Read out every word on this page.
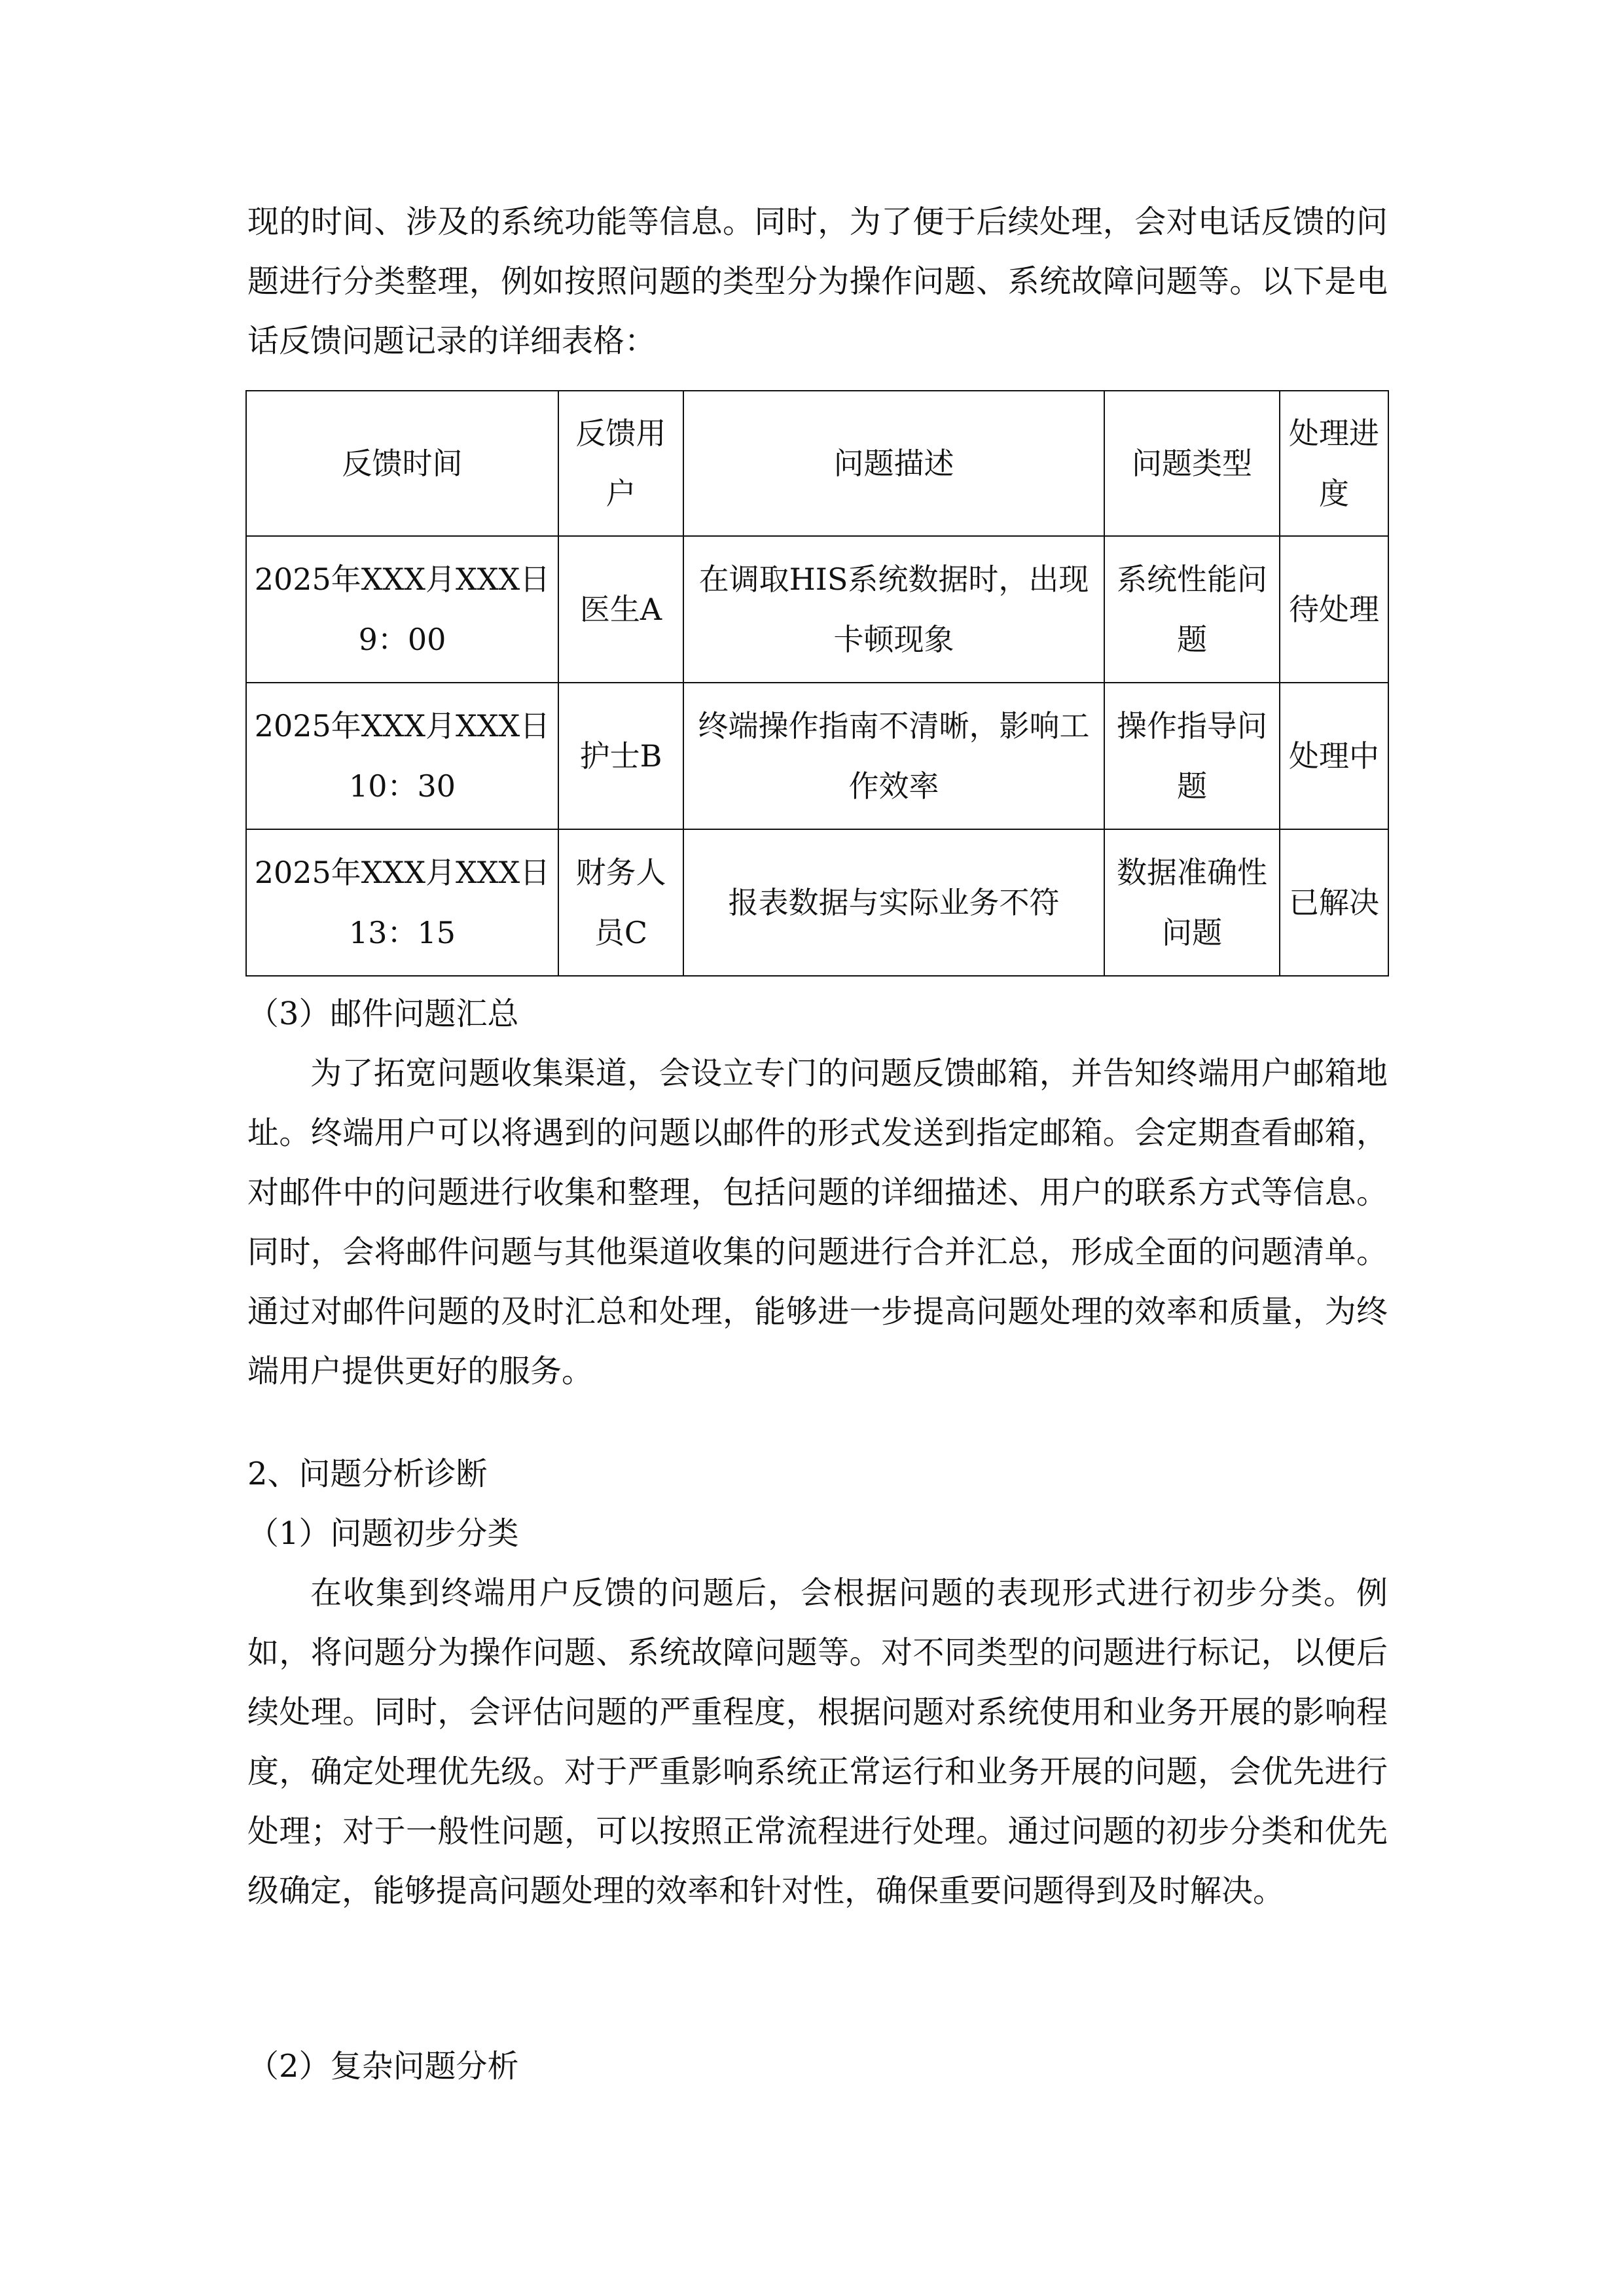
现的时间、涉及的系统功能等信息。同时，为了便于后续处理，会对电话反馈的问题进行分类整理，例如按照问题的类型分为操作问题、系统故障问题等。以下是电话反馈问题记录的详细表格：

反馈时间	反馈用户	问题描述	问题类型	处理进度
2025年XXX月XXX日9：00	医生A	在调取HIS系统数据时，出现卡顿现象	系统性能问题	待处理
2025年XXX月XXX日10：30	护士B	终端操作指南不清晰，影响工作效率	操作指导问题	处理中
2025年XXX月XXX日13：15	财务人员C	报表数据与实际业务不符	数据准确性问题	已解决

（3）邮件问题汇总

为了拓宽问题收集渠道，会设立专门的问题反馈邮箱，并告知终端用户邮箱地址。终端用户可以将遇到的问题以邮件的形式发送到指定邮箱。会定期查看邮箱，对邮件中的问题进行收集和整理，包括问题的详细描述、用户的联系方式等信息。同时，会将邮件问题与其他渠道收集的问题进行合并汇总，形成全面的问题清单。通过对邮件问题的及时汇总和处理，能够进一步提高问题处理的效率和质量，为终端用户提供更好的服务。

2、问题分析诊断

（1）问题初步分类

在收集到终端用户反馈的问题后，会根据问题的表现形式进行初步分类。例如，将问题分为操作问题、系统故障问题等。对不同类型的问题进行标记，以便后续处理。同时，会评估问题的严重程度，根据问题对系统使用和业务开展的影响程度，确定处理优先级。对于严重影响系统正常运行和业务开展的问题，会优先进行处理；对于一般性问题，可以按照正常流程进行处理。通过问题的初步分类和优先级确定，能够提高问题处理的效率和针对性，确保重要问题得到及时解决。

（2）复杂问题分析
